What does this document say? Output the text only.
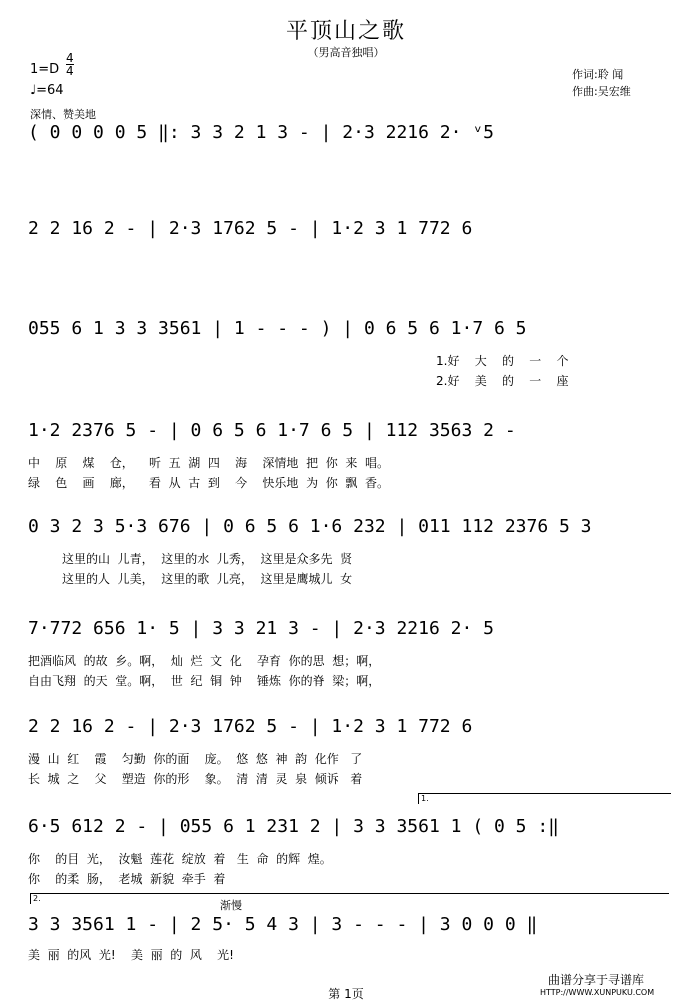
平顶山之歌
（男高音独唱）
$1=D \frac{4}{4}$
♩=64
深情、赞美地
作词:聆 闻
作曲:吴宏维
( 0 0 0 0 5 ‖: 3 3 2 1 3 - | 2·3 2216 2· ᵛ5
2 2 16 2 - | 2·3 1762 5 - | 1·2 3 1 772 6
055 6 1 3 3 3561 | 1 - - - ) | 0 6 5 6 1·7 6 5
1.好    大    的    一    个
2.好    美    的    一    座
1·2 2376 5 - | 0 6 5 6 1·7 6 5 | 112 3563 2 -
中    原    煤    仓，    听  五  湖  四    海    深情地  把  你  来  唱。
绿    色    画    廊，    看  从  古  到    今    快乐地  为  你  飘  香。
0 3 2 3 5·3 676 | 0 6 5 6 1·6 232 | 011 112 2376 5 3
这里的山  儿青，  这里的水  儿秀，  这里是众多先  贤
这里的人  儿美，  这里的歌  儿亮，  这里是鹰城儿  女
7·772 656 1· 5 | 3 3 21 3 - | 2·3 2216 2· 5
把酒临风  的故  乡。啊，  灿  烂  文  化    孕育  你的思  想；啊，
自由飞翔  的天  堂。啊，  世  纪  铜  钟    锤炼  你的脊  梁；啊，
2 2 16 2 - | 2·3 1762 5 - | 1·2 3 1 772 6
漫  山  红    霞    匀勤  你的面    庞。  悠  悠  神  韵  化作   了
长  城  之    父    塑造  你的形    象。  清  清  灵  泉  倾诉   着
1.
6·5 612 2 - | 055 6 1 231 2 | 3 3 3561 1 ( 0 5 :‖
你    的目  光，  汝魁  莲花  绽放  着   生  命  的辉  煌。
你    的柔  肠，  老城  新貌  牵手  着
2.
渐慢
3 3 3561 1 - | 2 5· 5 4 3 | 3 - - - | 3 0 0 0 ‖
美  丽  的风  光!    美  丽  的  风    光!
曲谱分享于寻谱库
HTTP://WWW.XUNPUKU.COM
第 1页
